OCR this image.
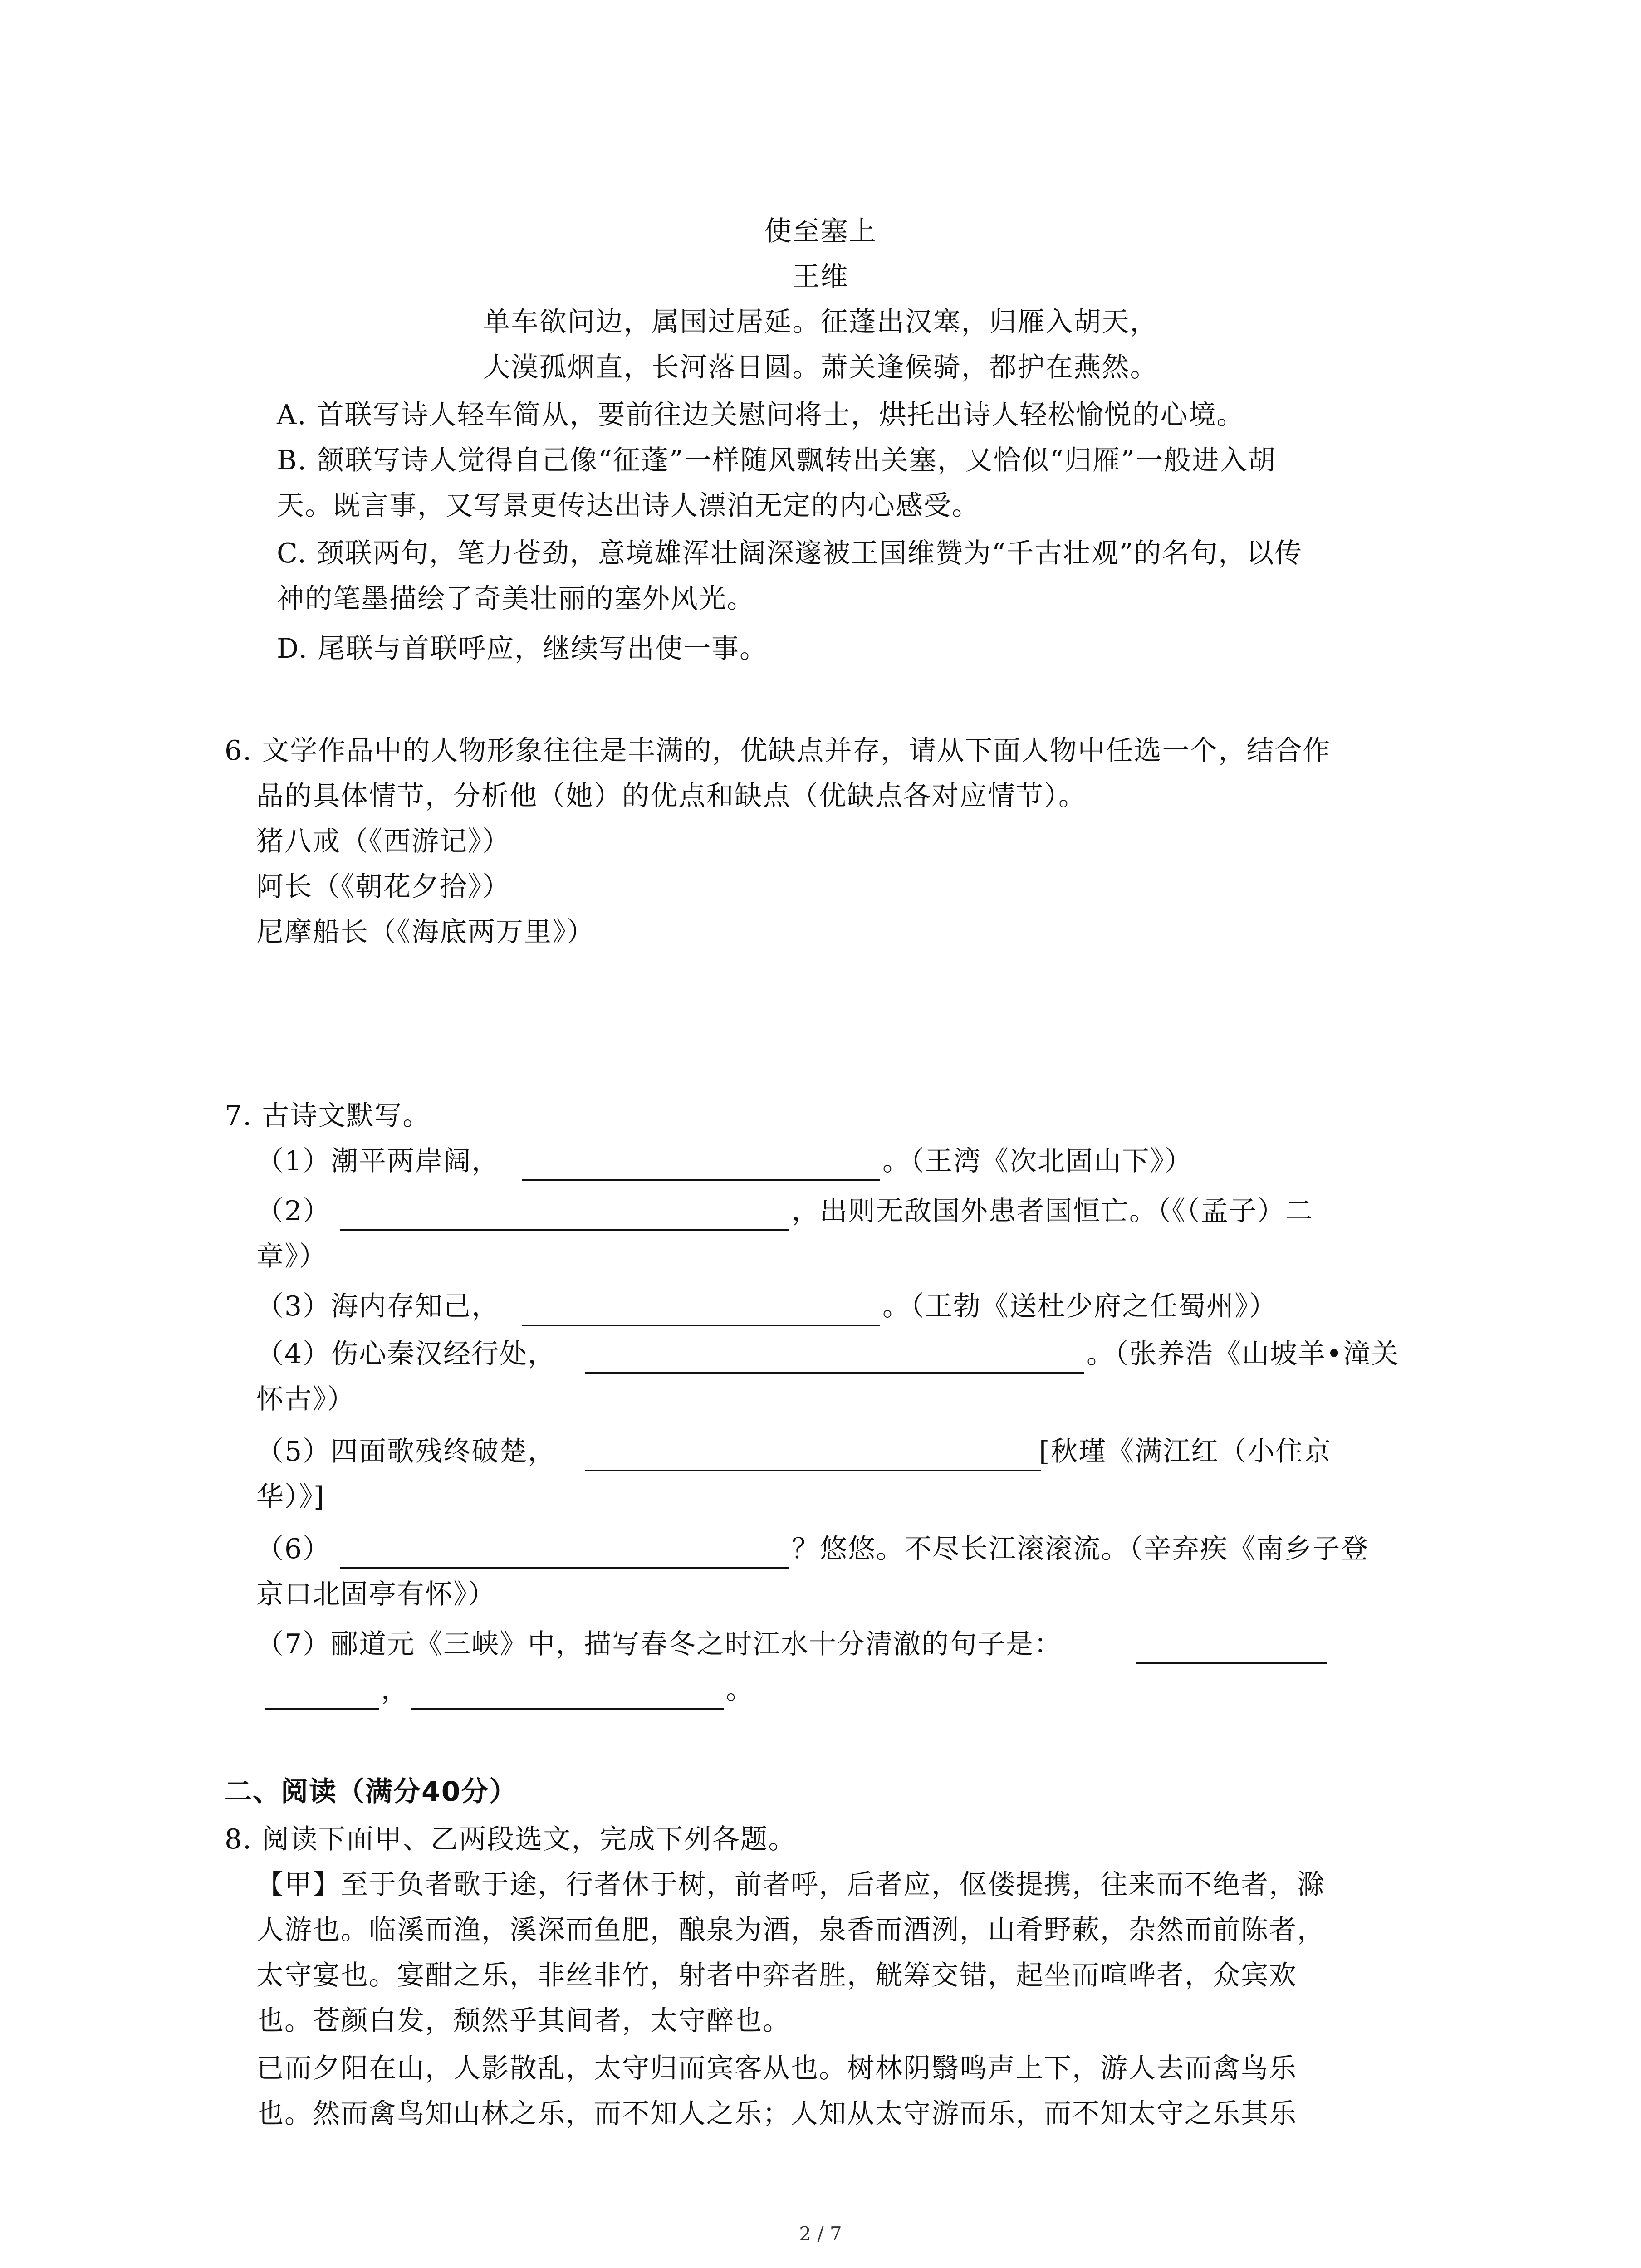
使至塞上
王维
单车欲问边，属国过居延。征蓬出汉塞，归雁入胡天，
大漠孤烟直，长河落日圆。萧关逢候骑，都护在燕然。
A. 首联写诗人轻车简从，要前往边关慰问将士，烘托出诗人轻松愉悦的心境。
B. 颔联写诗人觉得自己像“征蓬”一样随风飘转出关塞，又恰似“归雁”一般进入胡
天。既言事，又写景更传达出诗人漂泊无定的内心感受。
C. 颈联两句，笔力苍劲，意境雄浑壮阔深邃被王国维赞为“千古壮观”的名句，以传
神的笔墨描绘了奇美壮丽的塞外风光。
D. 尾联与首联呼应，继续写出使一事。
6. 文学作品中的人物形象往往是丰满的，优缺点并存，请从下面人物中任选一个，结合作
品的具体情节，分析他（她）的优点和缺点（优缺点各对应情节）。
猪八戒（《西游记》）
阿长（《朝花夕拾》）
尼摩船长（《海底两万里》）
7. 古诗文默写。
（1）潮平两岸阔，	。（王湾《次北固山下》）
（2）	，出则无敌国外患者国恒亡。（《（孟子）二
章》）
（3）海内存知己，	。（王勃《送杜少府之任蜀州》）
（4）伤心秦汉经行处，	。（张养浩《山坡羊•潼关
怀古》）
（5）四面歌残终破楚，	[秋瑾《满江红（小住京
华）》]
（6）	？悠悠。不尽长江滚滚流。（辛弃疾《南乡子登
京口北固亭有怀》）
（7）郦道元《三峡》中，描写春冬之时江水十分清澈的句子是：
，	。
二、阅读（满分40分）
8. 阅读下面甲、乙两段选文，完成下列各题。
【甲】至于负者歌于途，行者休于树，前者呼，后者应，伛偻提携，往来而不绝者，滁
人游也。临溪而渔，溪深而鱼肥，酿泉为酒，泉香而酒洌，山肴野蔌，杂然而前陈者，
太守宴也。宴酣之乐，非丝非竹，射者中弈者胜，觥筹交错，起坐而喧哗者，众宾欢
也。苍颜白发，颓然乎其间者，太守醉也。
已而夕阳在山，人影散乱，太守归而宾客从也。树林阴翳鸣声上下，游人去而禽鸟乐
也。然而禽鸟知山林之乐，而不知人之乐；人知从太守游而乐，而不知太守之乐其乐
2 / 7
